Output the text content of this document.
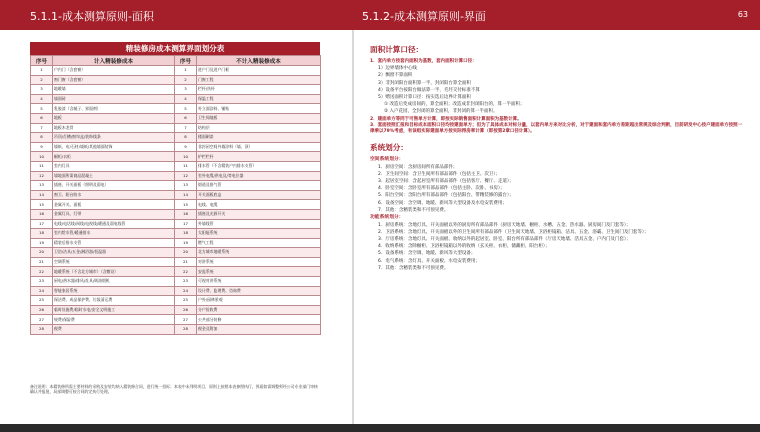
5.1.1-成本测算原则-面积	5.1.2-成本测算原则-界面	63
精装修房成本测算界面划分表
序号	计入精装修成本	序号	不计入精装修成本
1	户内门（含套窗）	1	进户门及进户门框
2	窗门窗（含套窗）	2	门窗工程
3	地暖墙	3	栏杆/扶杆
4	墙面砖	4	保温工程
5	乳胶漆（含腻子、界面剂）	5	外立面涂料、铺贴
6	地板	6	卫生间地板
7	地板木龙骨	7	结构层
8	吊顶/灯槽/窗帘盒/装饰线条	8	楼面刷漆
9	墙纸、布/石材/墙纸/其他墙面装饰	9	非封闭空间外墙涂料（墙、顶）
10	橱柜/衣柜	10	护栏栏杆
11	室内灯具	11	排水管（不含精装户内排水支管）
12	墙地面所需商品混凝土	12	室外电缆/供电及/等电位器
13	插座、开关面板（照明及弱电）	13	烟道及排气管
14	窗卫、阳台防水	14	开关面板底盒
15	金属开关、面板	15	电线、电缆
16	金属灯具、灯带	16	插座及光源开关
17	电线/电话线/网线/电视线/暖通及弱电线管	17	外墙线管
18	室内给水管/暖通排水	18	太阳能系统
19	精装后排水支管	19	燃气工程
20	卫浴/洁具/五金/淋浴器/恒温器	20	北方城市地暖系统
21	空调系统	21	对讲系统
22	地暖系统（不含北方城市）（含敷设）	22	安监系统
23	厨电/热水器/排风/灶具/吸油烟机	23	可视对讲系统
24	智能家居系统	24	设计费、监理费、咨询费
25	保洁费、成品保护费、垃圾清运费	25	户外/园林景观
26	临时设施费/临时水电/安全文明施工	26	分户验收费
27	规费/保险费	27	公共部分装修
28	税费	28	税金及附加
备注说明：本精装修所需主要材料的采购及安装均纳入精装修合同，进行统一招标；本表中未列明项目，原则上按照本表参照执行，界面如需调整须经公司专业部门审核确认并报批，局部调整可按合同约定执行处理。
面积计算口径：
1．套内单方按套内面积为基数，套内面积计算口径：
1）边界墙体中心线
2）飘窗不算面积
3）非封闭阳台面积算一半，封闭阳台算全面积
4）设备平台按阳台做法算一半，毛坯交付标准不算
5）赠送面积计算口径：按实选后边界计算面积
① 改造后变成房间的，算全面积；改造成非封闭阳台的，算一半面积；
② 入户花园，全封闭的算全面积，非封闭的算一半面积。
2．建面单方等同于可售单方计算，即按实际销售面积计算面积为基数计算。
3．套面按照汇报和目标成本面积口径均按建面单方；但为了具体成本对标分量，以套内单方来对比分析，对于建面和套内单方差距超出常规及综合判断，目前研发中心按户建面单方按照一律乘以79%考虑，有该组实际建面单方按实际得房率计算（即按第2章口径计算）。
系统划分：
空间系统划分：
1．厨房空间：含厨房间所有部品部件；
2．卫生间空间：含卫生间所有部品部件（包括主卫、次卫）；
3．起居室空间：含起居室所有部品部件（包括客厅、餐厅、走道）；
4．卧室空间：含卧室所有部品部件（包括主卧、次卧、书房）；
5．阳台空间：含阳台所有部品部件（包括阳台、带精装修的露台）；
6．设备空间：含空调、地暖、新风等大型设备及水电安装费用；
7．其他：含精装类和不可预见费。
功能系统划分：
1．厨房系统：含地灯具、开关面板以外的厨房所有部品部件（厨房天地墙、橱柜、水槽、五金、热水器、厨房间门及门套等）；
2．卫浴系统：含地灯具、开关面板以外的卫生间所有部品部件（卫生间天地墙、卫浴柜镜箱、洁具、五金、浴霸、卫生间门及门套等）；
3．厅房系统：含地灯具、开关面板、收纳以外的起居室、卧室、阳台所有部品部件（厅房天地墙、活具五金、户内门及门套）；
4．收纳系统：含除橱柜、卫浴柜镜箱以外的收纳（玄关柜、衣柜、储藏柜、阳台柜）；
5．设备系统：含空调、地暖、新风等大型设备；
6．电气系统：含灯具、开关面板、水电安装费用；
7．其他：含精装类和不可预见费。
